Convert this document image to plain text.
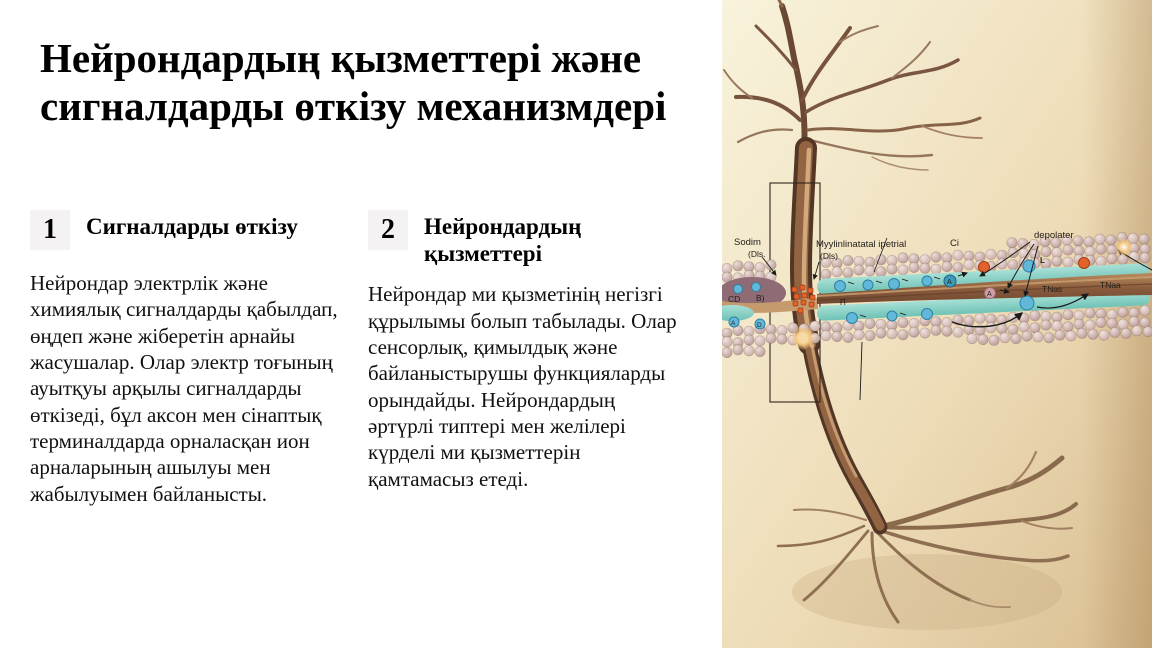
Нейрондардың қызметтері және сигналдарды өткізу механизмдері
1	Сигналдарды өткізу
Нейрондар электрлік және химиялық сигналдарды қабылдап, өңдеп және жіберетін арнайы жасушалар. Олар электр тоғының ауытқуы арқылы сигналдарды өткізеді, бұл аксон мен сінаптық терминалдарда орналасқан ион арналарының ашылуы мен жабылуымен байланысты.
2	Нейрондардың қызметтері
Нейрондар ми қызметінің негізгі құрылымы болып табылады. Олар сенсорлық, қимылдық және байланыстырушы функцияларды орындайды. Нейрондардың әртүрлі типтері мен желілері күрделі ми қызметтерін қамтамасыз етеді.
A
A
L
A	D
Sodim
(Dls.
Myylinlinatatal ipetrial
(Dls)
Ci
depolater
TNas	TNaa
CD B)	П
